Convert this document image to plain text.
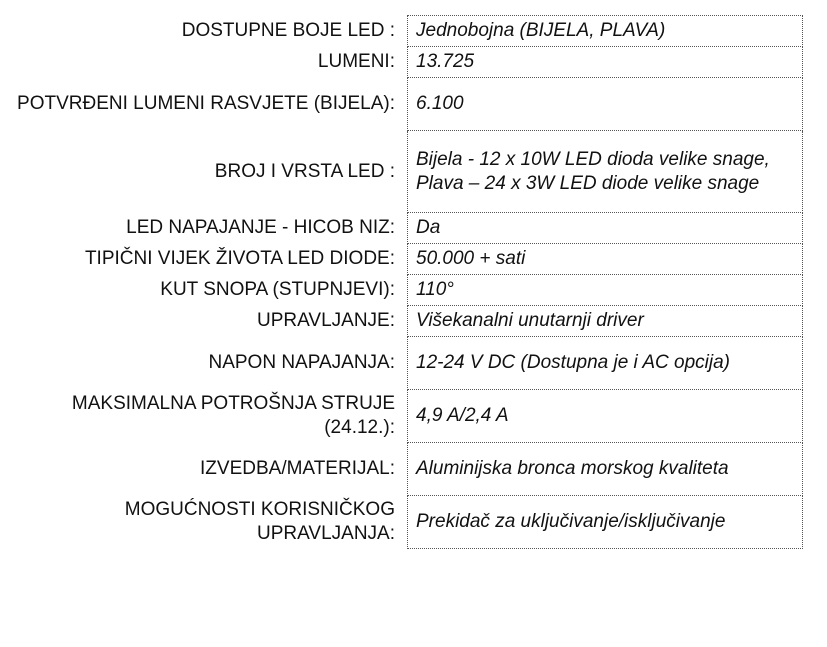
DOSTUPNE BOJE LED :	Jednobojna (BIJELA, PLAVA)
LUMENI:	13.725
POTVRĐENI LUMENI RASVJETE (BIJELA):	6.100
BROJ I VRSTA LED :	Bijela - 12 x 10W LED dioda velike snage, Plava – 24 x 3W LED diode velike snage
LED NAPAJANJE - HICOB NIZ:	Da
TIPIČNI VIJEK ŽIVOTA LED DIODE:	50.000 + sati
KUT SNOPA (STUPNJEVI):	110°
UPRAVLJANJE:	Višekanalni unutarnji driver
NAPON NAPAJANJA:	12-24 V DC (Dostupna je i AC opcija)
MAKSIMALNA POTROŠNJA STRUJE (24.12.):	4,9 A/2,4 A
IZVEDBA/MATERIJAL:	Aluminijska bronca morskog kvaliteta
MOGUĆNOSTI KORISNIČKOG UPRAVLJANJA:	Prekidač za uključivanje/isključivanje
